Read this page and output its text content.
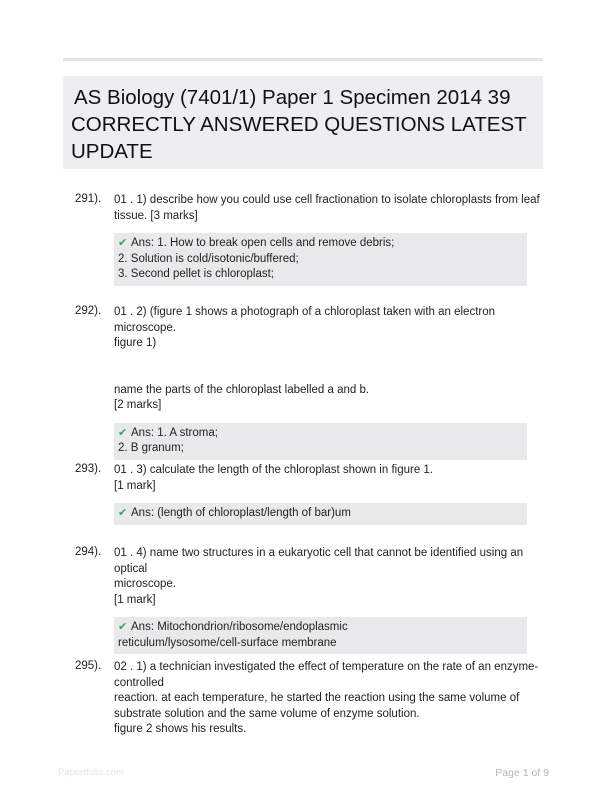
AS Biology (7401/1) Paper 1 Specimen 2014 39
CORRECTLY ANSWERED QUESTIONS LATEST
UPDATE
291). 01 . 1) describe how you could use cell fractionation to isolate chloroplasts from leaf

tissue. [3 marks]

✔ Ans: 1. How to break open cells and remove debris;

2. Solution is cold/isotonic/buffered;

3. Second pellet is chloroplast;

292). 01 . 2) (figure 1 shows a photograph of a chloroplast taken with an electron microscope.

figure 1)

name the parts of the chloroplast labelled a and b.

[2 marks]

✔ Ans: 1. A stroma;

2. B granum;

293). 01 . 3) calculate the length of the chloroplast shown in figure 1.

[1 mark]

✔ Ans: (length of chloroplast/length of bar)um

294). 01 . 4) name two structures in a eukaryotic cell that cannot be identified using an optical

microscope.

[1 mark]

✔ Ans: Mitochondrion/ribosome/endoplasmic

reticulum/lysosome/cell-surface membrane

295). 02 . 1) a technician investigated the effect of temperature on the rate of an enzyme-

controlled

reaction. at each temperature, he started the reaction using the same volume of

substrate solution and the same volume of enzyme solution.

figure 2 shows his results.

Papertfolio.com	Page 1 of 9
